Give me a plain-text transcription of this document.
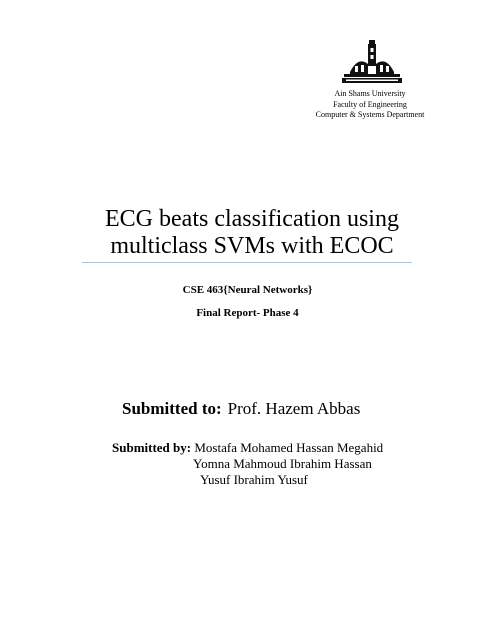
Ain Shams University
Faculty of Engineering
Computer & Systems Department
ECG beats classification using
multiclass SVMs with ECOC
CSE 463{Neural Networks}
Final Report- Phase 4
Submitted to: Prof. Hazem Abbas
Submitted by: Mostafa Mohamed Hassan Megahid
Yomna Mahmoud Ibrahim Hassan
Yusuf Ibrahim Yusuf
